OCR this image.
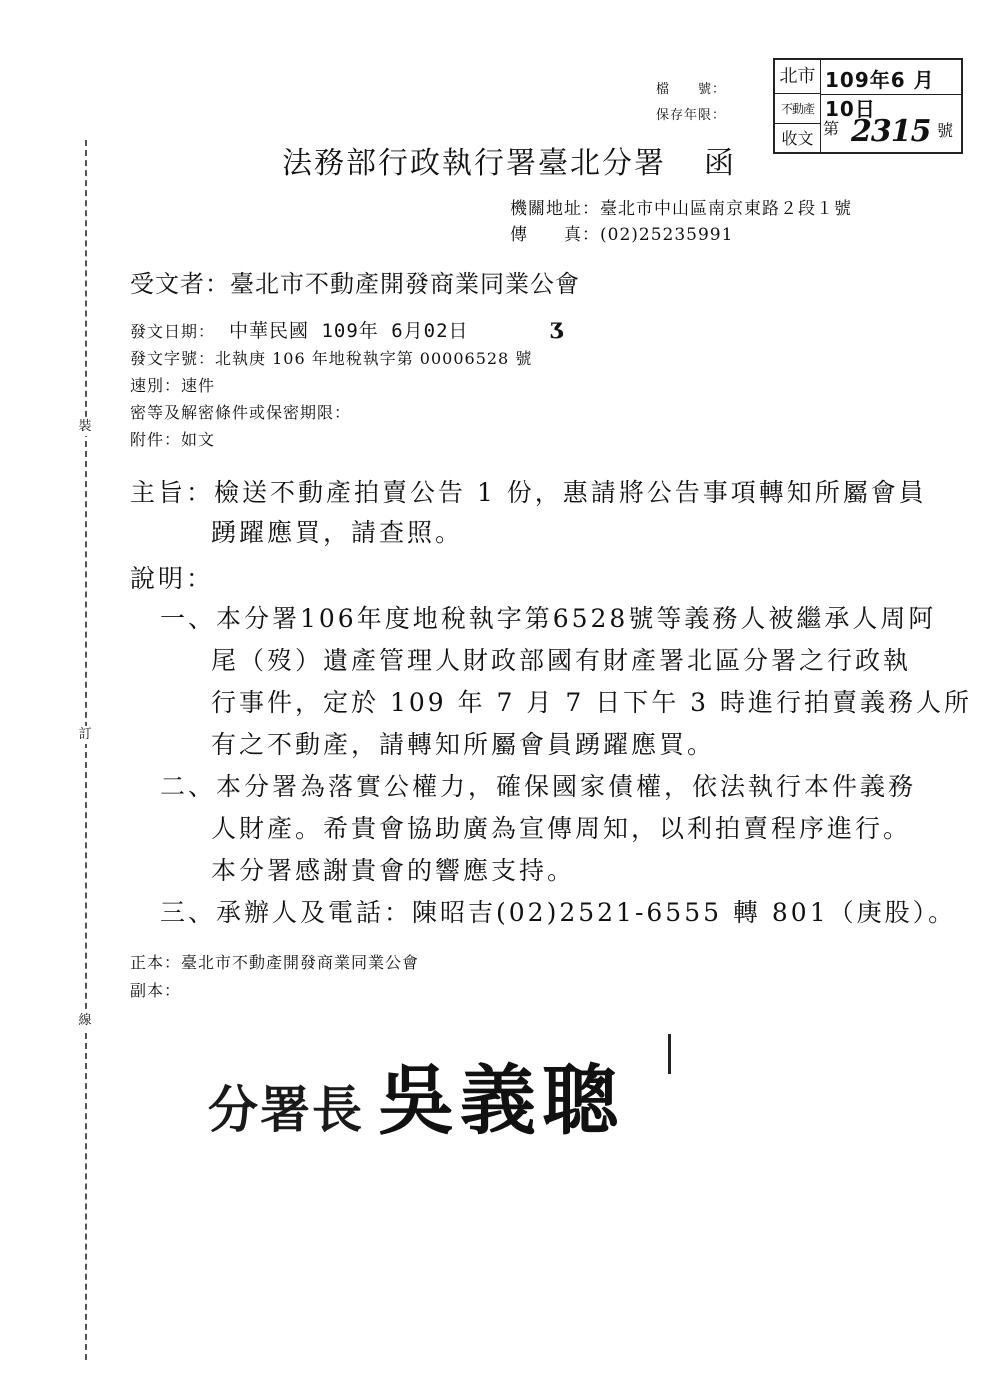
裝
訂
線
檔　　號：
保存年限：
北市
不動產
收文
109年6 月10日
第 2315 號
法務部行政執行署臺北分署 函
機關地址：臺北市中山區南京東路２段１號
傳　　真：(02)25235991
受文者：臺北市不動產開發商業同業公會
發文日期： 中華民國 109年 6月02日	ʒ
發文字號：北執庚 106 年地稅執字第 00006528 號
速別：速件
密等及解密條件或保密期限：
附件：如文
主旨：檢送不動產拍賣公告 1 份，惠請將公告事項轉知所屬會員
踴躍應買，請查照。
說明：
一、本分署106年度地稅執字第6528號等義務人被繼承人周阿
尾（歿）遺產管理人財政部國有財產署北區分署之行政執
行事件，定於 109 年 7 月 7 日下午 3 時進行拍賣義務人所
有之不動產，請轉知所屬會員踴躍應買。
二、本分署為落實公權力，確保國家債權，依法執行本件義務
人財產。希貴會協助廣為宣傳周知，以利拍賣程序進行。
本分署感謝貴會的響應支持。
三、承辦人及電話：陳昭吉(02)2521-6555 轉 801（庚股）。
正本：臺北市不動產開發商業同業公會
副本：
分署長 吳義聰
